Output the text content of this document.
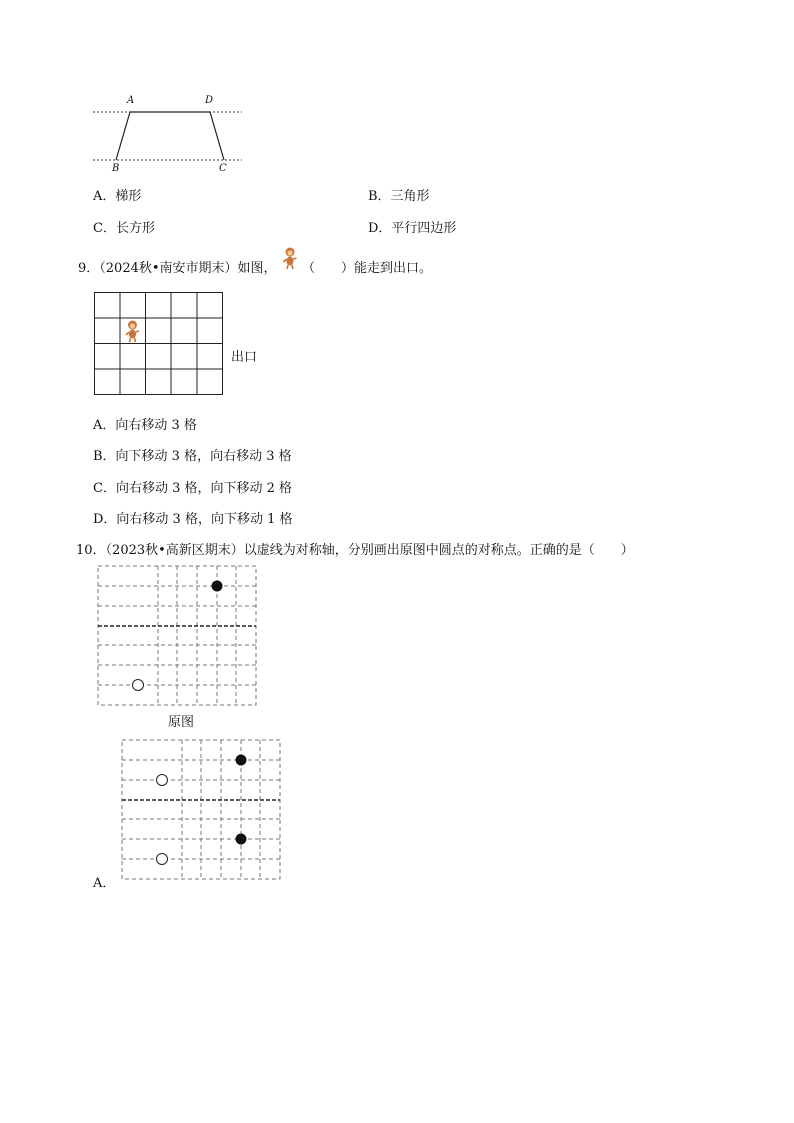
A	D
B	C
A．梯形	B．三角形
C．长方形	D．平行四边形
9．（2024秋•南安市期末）如图， （　　）能走到出口。
出口
A．向右移动 3 格
B．向下移动 3 格，向右移动 3 格
C．向右移动 3 格，向下移动 2 格
D．向右移动 3 格，向下移动 1 格
10．（2023秋•高新区期末）以虚线为对称轴，分别画出原图中圆点的对称点。正确的是（　　）
原图
A．
